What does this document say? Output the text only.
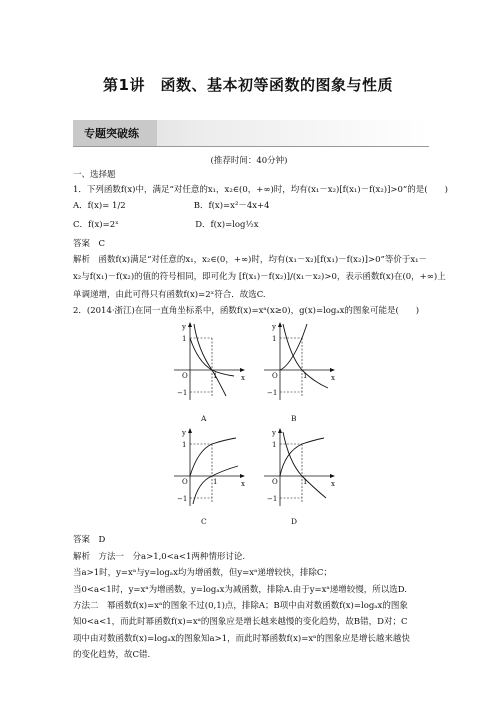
第1讲　函数、基本初等函数的图象与性质
专题突破练
(推荐时间：40分钟)
一、选择题
1．下列函数f(x)中，满足“对任意的x₁，x₂∈(0，+∞)时，均有(x₁－x₂)[f(x₁)－f(x₂)]>0”的是(　　)
A．f(x)= 1/2　　　　　　　　B．f(x)=x²－4x+4
C．f(x)=2ˣ　　　　　　　　　D．f(x)=log½x
答案　C
解析　函数f(x)满足“对任意的x₁，x₂∈(0，+∞)时，均有(x₁－x₂)[f(x₁)－f(x₂)]>0”等价于x₁－
x₂与f(x₁)－f(x₂)的值的符号相同，即可化为 [f(x₁)－f(x₂)]/(x₁－x₂)>0，表示函数f(x)在(0，+∞)上
单调递增，由此可得只有函数f(x)=2ˣ符合．故选C.
2．(2014·浙江)在同一直角坐标系中，函数f(x)=xᵃ(x≥0)，g(x)=logₐx的图象可能是(　　)
y
x
1
−1
O	1
A
y
x
1
−1
O	1
B
y
x
1
−1
O	1
C
y
x
1
−1
O	1
D
答案　D
解析　方法一　分a>1,0<a<1两种情形讨论.
当a>1时，y=xᵃ与y=logₐx均为增函数，但y=xᵃ递增较快，排除C；
当0<a<1时，y=xᵃ为增函数，y=logₐx为减函数，排除A.由于y=xᵃ递增较慢，所以选D.
方法二　幂函数f(x)=xᵃ的图象不过(0,1)点，排除A；B项中由对数函数f(x)=logₐx的图象
知0<a<1，而此时幂函数f(x)=xᵃ的图象应是增长越来越慢的变化趋势，故B错，D对；C
项中由对数函数f(x)=logₐx的图象知a>1，而此时幂函数f(x)=xᵃ的图象应是增长越来越快
的变化趋势，故C错.
